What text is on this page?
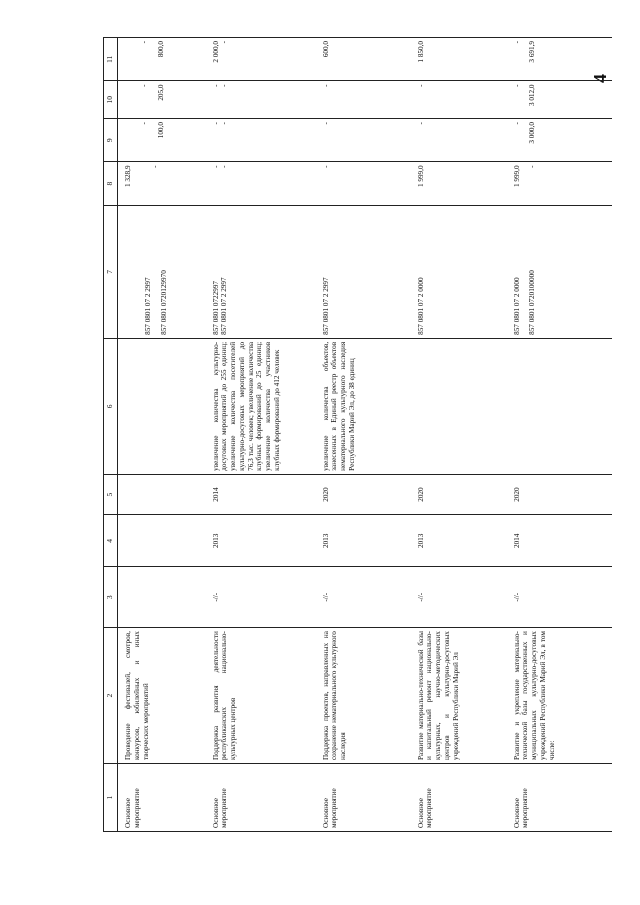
4
1	2	3	4	5	6	7	8	9	10	11
Основное мероприятие	Проведение фестивалей, смотров, конкурсов, юбилейных и иных творческих мероприятий					857 0801 07 2 2997 857 0801 0720129970	1 328,9 -	- 100,0	- 205,0	- 800,0

Основное мероприятие	Поддержка развития деятельности республиканских национально-культурных центров	-//-	2013	2014	увеличение количества культурно-досуговых мероприятий до 255 единиц; увеличение количества посетителей культурно-досуговых мероприятий до 76,3 тыс. человек; увеличение количества клубных формирований до 25 единиц; увеличение количества участников клубных формирований до 412 человек	857 0801 0722997 857 0801 07 2 2997	- -	- -	- -	2 000,0 -

Основное мероприятие	Поддержка проектов, направленных на сохранение нематериального культурного наследия	-//-	2013	2020	увеличение количества объектов, занесенных в Единый реестр объектов нематериального культурного наследия Республики Марий Эл, до 38 единиц	857 0801 07 2 2997	-	-	-	600,0

Основное мероприятие	Развитие материально-технической базы и капитальный ремонт национально-культурных, научно-методических центров и культурно-досуговых учреждений Республики Марий Эл	-//-	2013	2020		857 0801 07 2 0000	1 999,0	-	-	1 850,0

Основное мероприятие	Развитие и укрепление материально-технической базы государственных и муниципальных культурно-досуговых учреждений Республики Марий Эл, в том числе:	-//-	2014	2020		857 0801 07 2 0000 857 0801 0720100000	1 999,0 -	- 3 000,0	- 3 012,0	- 3 691,9
